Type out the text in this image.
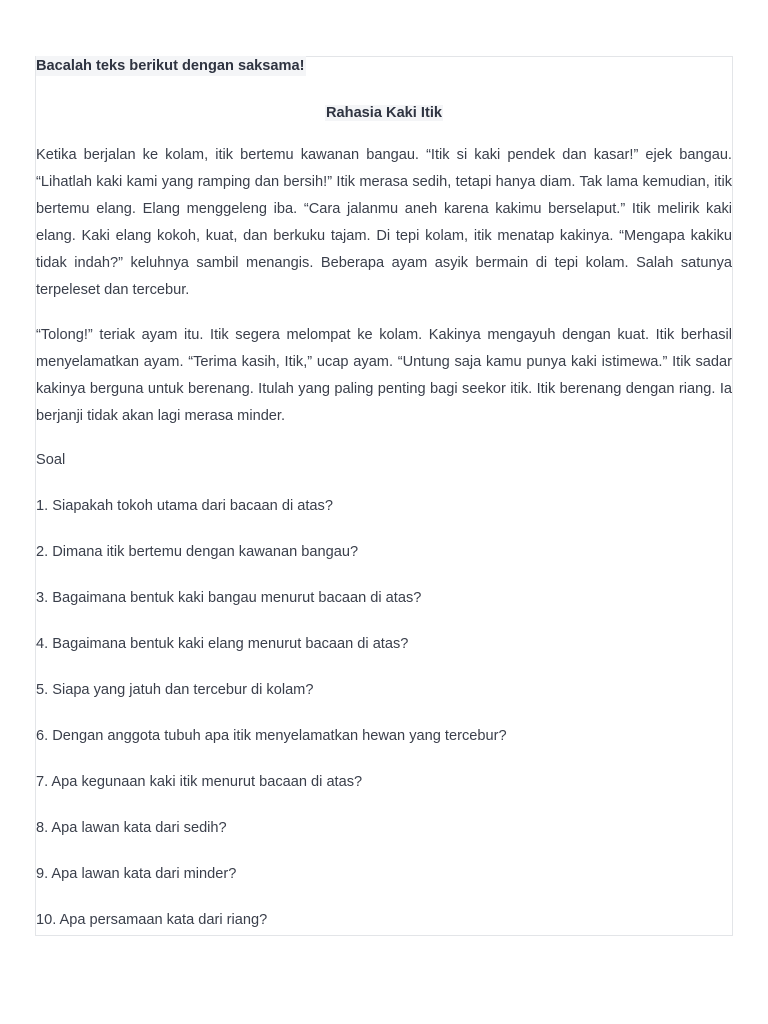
Bacalah teks berikut dengan saksama!

Rahasia Kaki Itik

Ketika berjalan ke kolam, itik bertemu kawanan bangau. “Itik si kaki pendek dan kasar!” ejek bangau. “Lihatlah kaki kami yang ramping dan bersih!” Itik merasa sedih, tetapi hanya diam. Tak lama kemudian, itik bertemu elang. Elang menggeleng iba. “Cara jalanmu aneh karena kakimu berselaput.” Itik melirik kaki elang. Kaki elang kokoh, kuat, dan berkuku tajam. Di tepi kolam, itik menatap kakinya. “Mengapa kakiku tidak indah?” keluhnya sambil menangis. Beberapa ayam asyik bermain di tepi kolam. Salah satunya terpeleset dan tercebur.

“Tolong!” teriak ayam itu. Itik segera melompat ke kolam. Kakinya mengayuh dengan kuat. Itik berhasil menyelamatkan ayam. “Terima kasih, Itik,” ucap ayam. “Untung saja kamu punya kaki istimewa.” Itik sadar kakinya berguna untuk berenang. Itulah yang paling penting bagi seekor itik. Itik berenang dengan riang. Ia berjanji tidak akan lagi merasa minder.

Soal

1. Siapakah tokoh utama dari bacaan di atas?

2. Dimana itik bertemu dengan kawanan bangau?

3. Bagaimana bentuk kaki bangau menurut bacaan di atas?

4. Bagaimana bentuk kaki elang menurut bacaan di atas?

5. Siapa yang jatuh dan tercebur di kolam?

6. Dengan anggota tubuh apa itik menyelamatkan hewan yang tercebur?

7. Apa kegunaan kaki itik menurut bacaan di atas?

8. Apa lawan kata dari sedih?

9. Apa lawan kata dari minder?

10. Apa persamaan kata dari riang?
